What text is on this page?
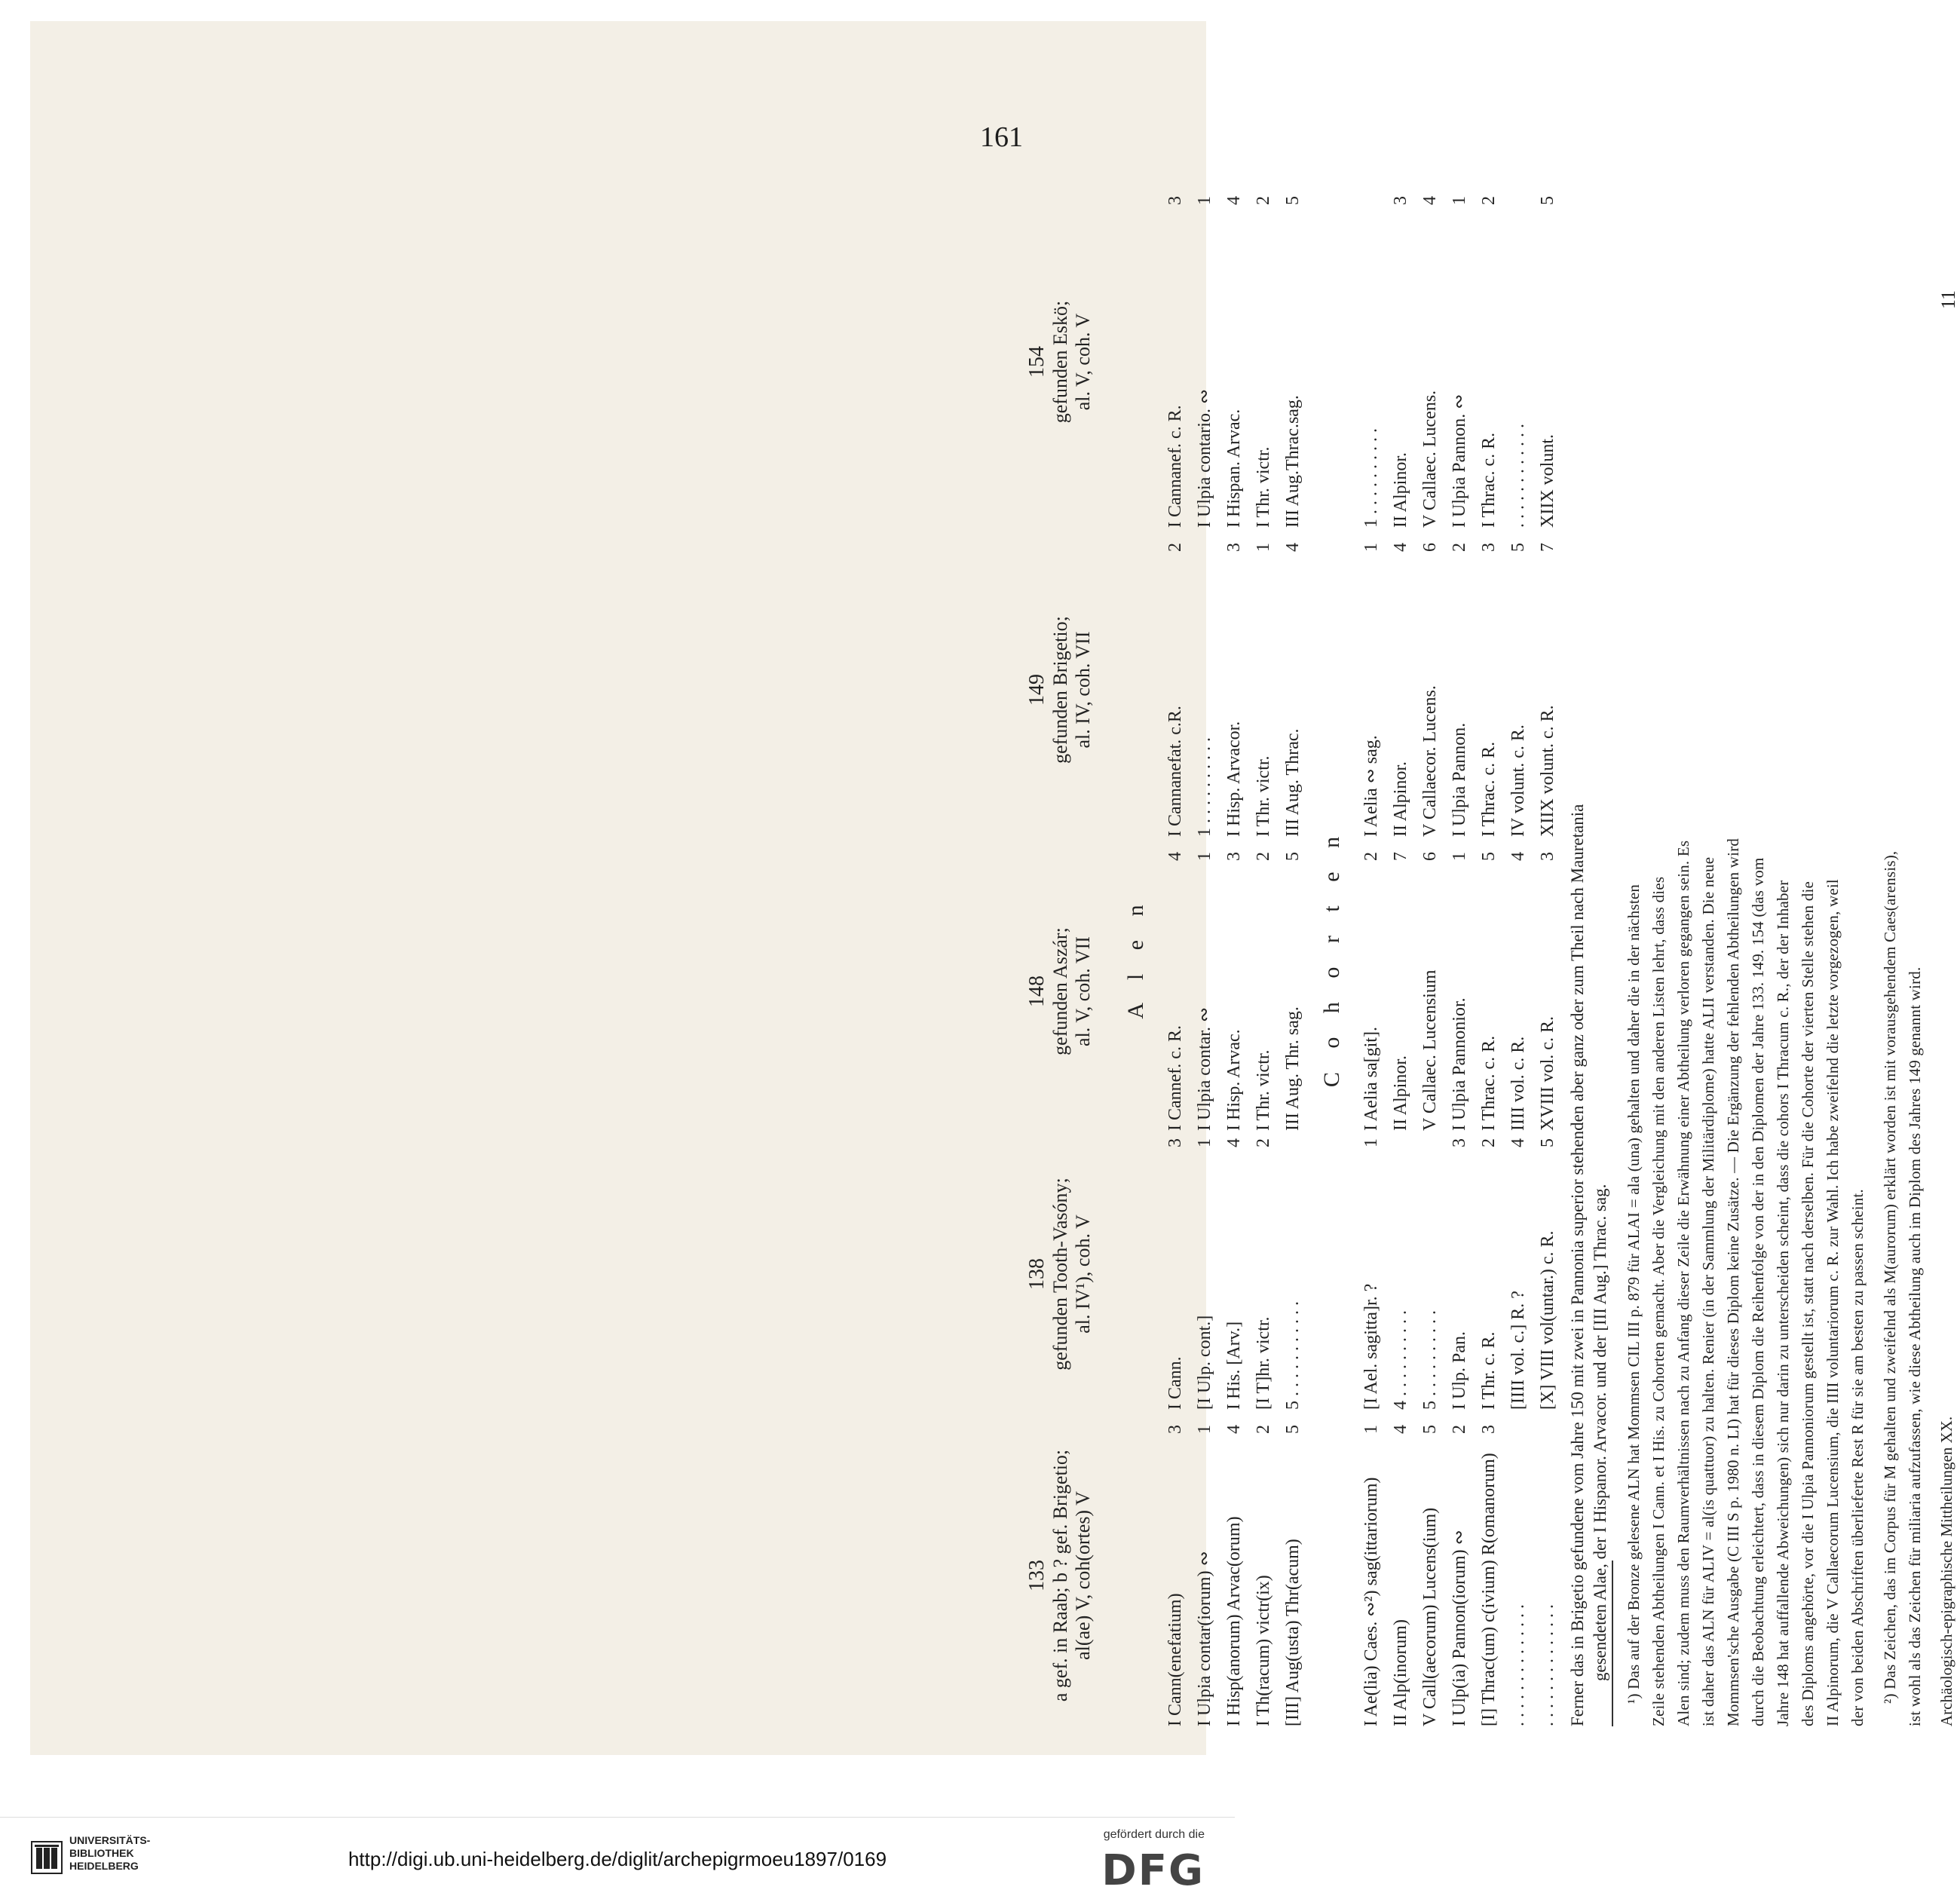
161
133 a gef. in Raab; b ? gef. Brigetio; al(ae) V, coh(ortes) V
138 gefunden Tooth-Vasóny; al. IV¹), coh. V
148 gefunden Aszár; al. V, coh. VII
149 gefunden Brigetio; al. IV, coh. VII
154 gefunden Eskö; al. V, coh. V
A l e n
I Cann(enefatium)
3
I Ulpia contar(iorum) ∾
1
I Hisp(anorum) Arvac(orum)
4
I Th(racum) victr(ix)
2
[III] Aug(usta) Thr(acum)
5
I Cann.
3
[I Ulp. cont.]
1
I His. [Arv.]
4
[I T]hr. victr.
2
5 . . . . . . . . . . .
I Cannef. c. R.
4
I Ulpia contar. ∾
1
I Hisp. Arvac.
3
I Thr. victr.
2
III Aug. Thr. sag.
5
I Cannanefat. c.R.
2
1 . . . . . . . . . . I Hisp. Arvacor.
3
I Thr. victr.
1
III Aug. Thrac.
4
I Cannanef. c. R.
3
I Ulpia contario. ∾
1
I Hispan. Arvac.
4
I Thr. victr.
2
III Aug.Thrac.sag.
5
C o h o r t e n
I Ae(lia) Caes. ∾²) sag(ittariorum)
1
II Alp(inorum)
4
V Call(aecorum) Lucens(ium)
5
I Ulp(ia) Pannon(iorum) ∾
2
[I] Thrac(um) c(ivium) R(omanorum)
3
. . . . . . . . . . . . . . . . . . . . . . . . . . . .
[I Ael. sagitta]r. ?
1
4 . . . . . . . . . . 5 . . . . . . . . . . I Ulp. Pan.
3
I Thr. c. R.
2
[IIII vol. c.] R. ?
4
[X] VIII vol(untar.) c. R.
5
I Aelia sa[git].
2
II Alpinor.
7
V Callaec. Lucensium
6
I Ulpia Pannonior.
1
I Thrac. c. R.
5
IIII vol. c. R.
4
XVIII vol. c. R.
3
I Aelia ∾ sag.
1
II Alpinor.
4
V Callaecor. Lucens.
6
I Ulpia Pannon.
2
I Thrac. c. R.
3
IV volunt. c. R.
5
XIIX volunt. c. R.
7
1 . . . . . . . . . . II Alpinor.
3
V Callaec. Lucens.
4
I Ulpia Pannon. ∾
1
I Thrac. c. R.
2
. . . . . . . . . . . . XIIX volunt.
5
Ferner das in Brigetio gefundene vom Jahre 150 mit zwei in Pannonia superior stehenden aber ganz oder zum Theil nach Mauretania gesendeten Alae, der I Hispanor. Arvacor. und der [III Aug.] Thrac. sag. ¹) Das auf der Bronze gelesene ALN hat Mommsen CIL III p. 879 für ALAI = ala (una) gehalten und daher die in der nächsten Zeile stehenden Abtheilungen I Cann. et I His. zu Cohorten gemacht. Aber die Vergleichung mit den anderen Listen lehrt, dass dies Alen sind; zudem muss den Raumverhältnissen nach zu Anfang dieser Zeile die Erwähnung einer Abtheilung verloren gegangen sein. Es ist daher das ALN für ALIV = al(is quattuor) zu halten. Renier (in der Sammlung der Militärdiplome) hatte ALII verstanden. Die neue Mommsen'sche Ausgabe (C III S p. 1980 n. LI) hat für dieses Diplom keine Zusätze. — Die Ergänzung der fehlenden Abtheilungen wird durch die Beobachtung erleichtert, dass in diesem Diplom die Reihenfolge von der in den Diplomen der Jahre 133. 149. 154 (das vom Jahre 148 hat auffallende Abweichungen) sich nur darin zu unterscheiden scheint, dass die cohors I Thracum c. R., der der Inhaber des Diploms angehörte, vor die I Ulpia Pannoniorum gestellt ist, statt nach derselben. Für die Cohorte der vierten Stelle stehen die II Alpinorum, die V Callaecorum Lucensium, die IIII voluntariorum c. R. zur Wahl. Ich habe zweifelnd die letzte vorgezogen, weil der von beiden Abschriften überlieferte Rest R für sie am besten zu passen scheint. ²) Das Zeichen, das im Corpus für M gehalten und zweifelnd als M(aurorum) erklärt worden ist mit vorausgehendem Caes(arensis), ist wohl als das Zeichen für miliaria aufzufassen, wie diese Abtheilung auch im Diplom des Jahres 149 genannt wird. Archäologisch-epigraphische Mittheilungen XX.
11
UNIVERSITÄTS-
BIBLIOTHEK
HEIDELBERG	http://digi.ub.uni-heidelberg.de/diglit/archepigrmoeu1897/0169
gefördert durch die
DFG
